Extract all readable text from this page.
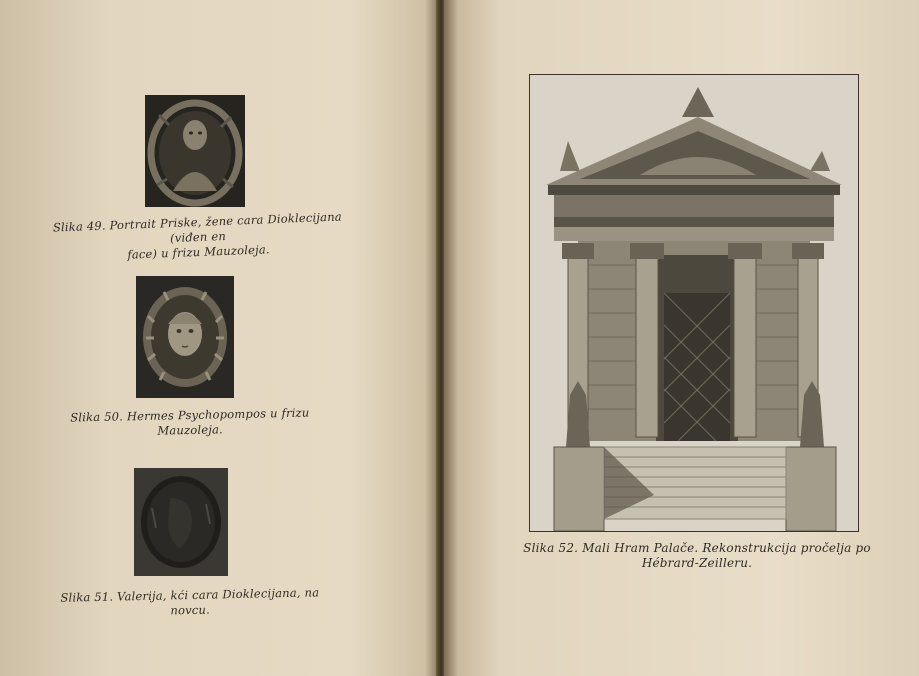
Slika 49. Portrait Priske, žene cara Dioklecijana (viđen en
face) u frizu Mauzoleja.
Slika 50. Hermes Psychopompos u frizu Mauzoleja.
Slika 51. Valerija, kći cara Dioklecijana, na novcu.
Slika 52. Mali Hram Palače. Rekonstrukcija pročelja po
Hébrard-Zeilleru.
